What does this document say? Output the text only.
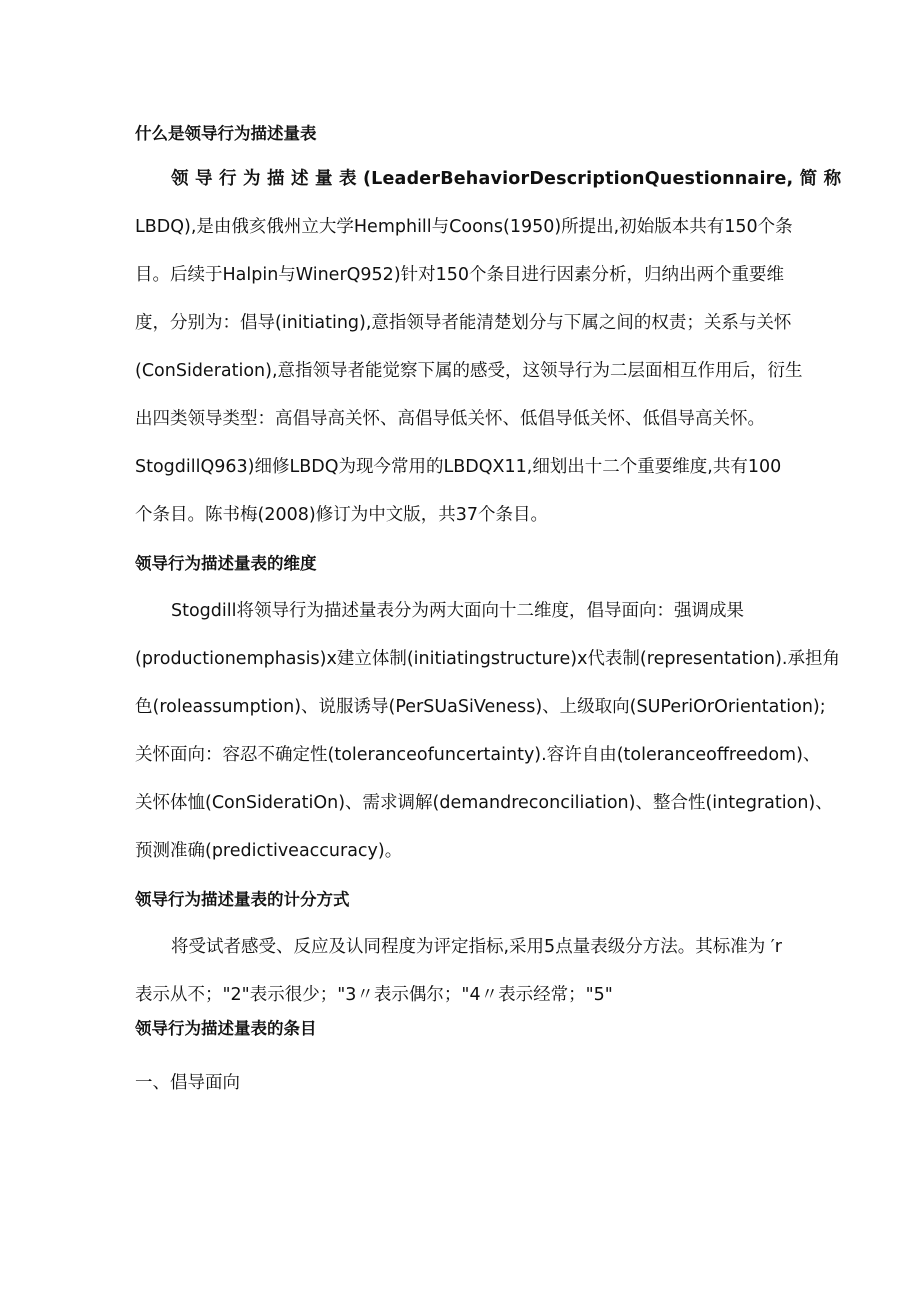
什么是领导行为描述量表
领 导 行 为 描 述 量 表 (LeaderBehaviorDescriptionQuestionnaire, 简 称
LBDQ),是由俄亥俄州立大学Hemphill与Coons(1950)所提出,初始版本共有150个条
目。后续于Halpin与WinerQ952)针对150个条目进行因素分析，归纳出两个重要维
度，分别为：倡导(initiating),意指领导者能清楚划分与下属之间的权责；关系与关怀
(ConSideration),意指领导者能觉察下属的感受，这领导行为二层面相互作用后，衍生
出四类领导类型：高倡导高关怀、高倡导低关怀、低倡导低关怀、低倡导高关怀。
StogdillQ963)细修LBDQ为现今常用的LBDQX11,细划出十二个重要维度,共有100
个条目。陈书梅(2008)修订为中文版，共37个条目。
领导行为描述量表的维度
Stogdill将领导行为描述量表分为两大面向十二维度，倡导面向：强调成果
(productionemphasis)x建立体制(initiatingstructure)x代表制(representation).承担角
色(roleassumption)、说服诱导(PerSUaSiVeness)、上级取向(SUPeriOrOrientation);
关怀面向：容忍不确定性(toleranceofuncertainty).容许自由(toleranceoffreedom)、
关怀体恤(ConSideratiOn)、需求调解(demandreconciliation)、整合性(integration)、
预测准确(predictiveaccuracy)。
领导行为描述量表的计分方式
将受试者感受、反应及认同程度为评定指标,采用5点量表级分方法。其标准为 ′r
表示从不；"2"表示很少；"3〃表示偶尔；"4〃表示经常；"5"
领导行为描述量表的条目
一、倡导面向
